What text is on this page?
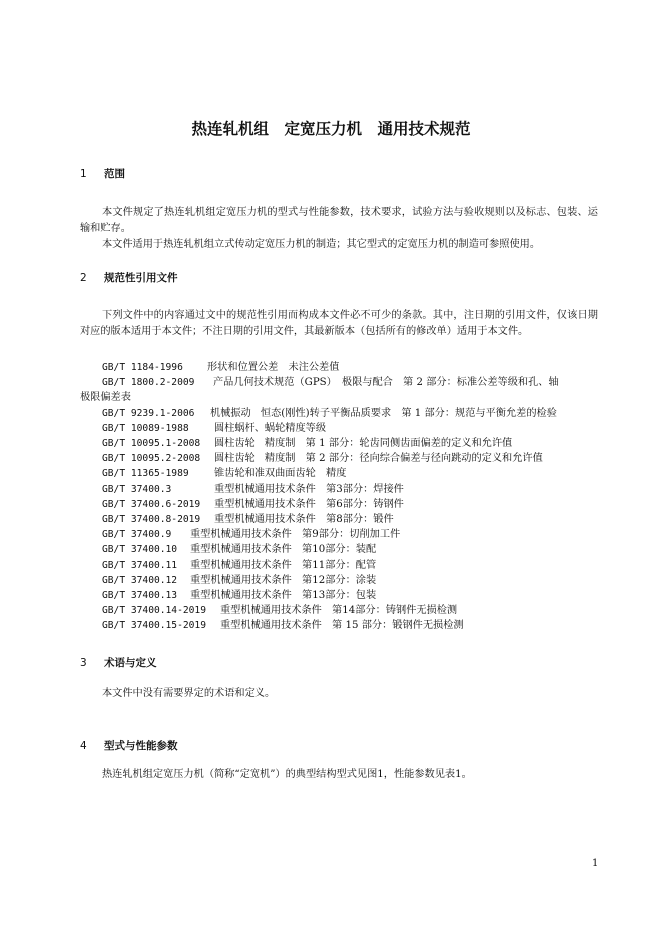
热连轧机组　定宽压力机　通用技术规范
1 范围
本文件规定了热连轧机组定宽压力机的型式与性能参数，技术要求，试验方法与验收规则以及标志、包装、运输和贮存。
本文件适用于热连轧机组立式传动定宽压力机的制造；其它型式的定宽压力机的制造可参照使用。
2 规范性引用文件
下列文件中的内容通过文中的规范性引用而构成本文件必不可少的条款。其中，注日期的引用文件，仅该日期对应的版本适用于本文件；不注日期的引用文件，其最新版本（包括所有的修改单）适用于本文件。
GB/T 1184-1996 形状和位置公差　未注公差值
GB/T 1800.2-2009 产品几何技术规范（GPS）　极限与配合　第 2 部分：标准公差等级和孔、轴
极限偏差表
GB/T 9239.1-2006 机械振动　恒态(刚性)转子平衡品质要求　第 1 部分：规范与平衡允差的检验
GB/T 10089-1988 圆柱蜗杆、蜗轮精度等级
GB/T 10095.1-2008 圆柱齿轮　精度制　第 1 部分：轮齿同侧齿面偏差的定义和允许值
GB/T 10095.2-2008 圆柱齿轮　精度制　第 2 部分：径向综合偏差与径向跳动的定义和允许值
GB/T 11365-1989 锥齿轮和准双曲面齿轮　精度
GB/T 37400.3	重型机械通用技术条件　第3部分：焊接件
GB/T 37400.6-2019 重型机械通用技术条件　第6部分：铸钢件
GB/T 37400.8-2019 重型机械通用技术条件　第8部分：锻件
GB/T 37400.9 重型机械通用技术条件　第9部分：切削加工件
GB/T 37400.10 重型机械通用技术条件　第10部分：装配
GB/T 37400.11 重型机械通用技术条件　第11部分：配管
GB/T 37400.12 重型机械通用技术条件　第12部分：涂装
GB/T 37400.13 重型机械通用技术条件　第13部分：包装
GB/T 37400.14-2019 重型机械通用技术条件　第14部分：铸钢件无损检测
GB/T 37400.15-2019 重型机械通用技术条件　第 15 部分：锻钢件无损检测
3 术语与定义
本文件中没有需要界定的术语和定义。
4 型式与性能参数
热连轧机组定宽压力机（简称“定宽机”）的典型结构型式见图1，性能参数见表1。
1
